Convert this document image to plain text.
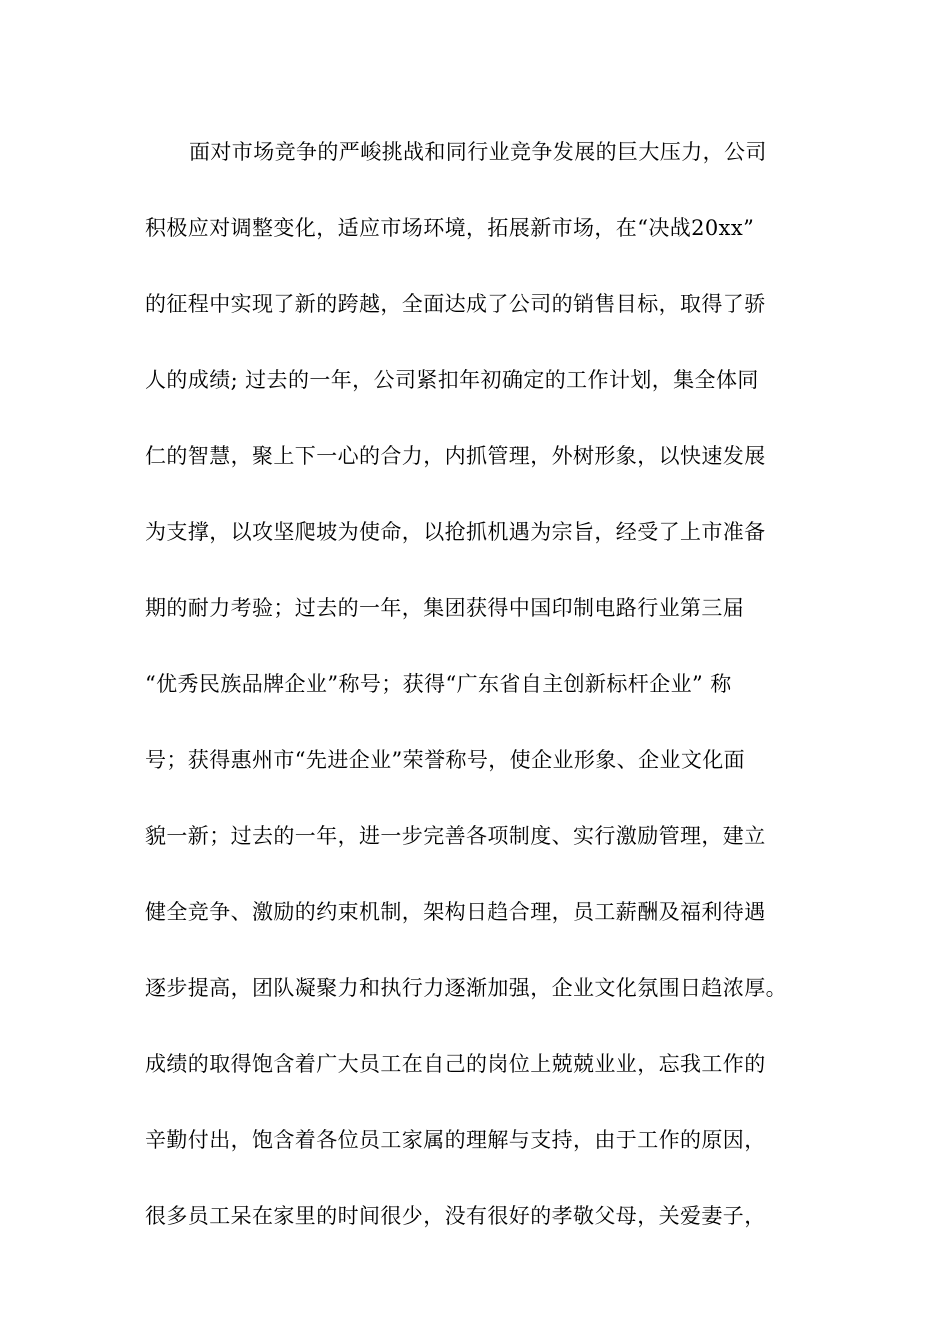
面对市场竞争的严峻挑战和同行业竞争发展的巨大压力，公司
积极应对调整变化，适应市场环境，拓展新市场，在“决战20xx”
的征程中实现了新的跨越，全面达成了公司的销售目标，取得了骄
人的成绩; 过去的一年，公司紧扣年初确定的工作计划，集全体同
仁的智慧，聚上下一心的合力，内抓管理，外树形象，以快速发展
为支撑，以攻坚爬坡为使命，以抢抓机遇为宗旨，经受了上市准备
期的耐力考验；过去的一年，集团获得中国印制电路行业第三届
“优秀民族品牌企业”称号；获得“广东省自主创新标杆企业” 称
号；获得惠州市“先进企业”荣誉称号，使企业形象、企业文化面
貌一新；过去的一年，进一步完善各项制度、实行激励管理，建立
健全竞争、激励的约束机制，架构日趋合理，员工薪酬及福利待遇
逐步提高，团队凝聚力和执行力逐渐加强，企业文化氛围日趋浓厚。
成绩的取得饱含着广大员工在自己的岗位上兢兢业业，忘我工作的
辛勤付出，饱含着各位员工家属的理解与支持，由于工作的原因，
很多员工呆在家里的时间很少，没有很好的孝敬父母，关爱妻子，
